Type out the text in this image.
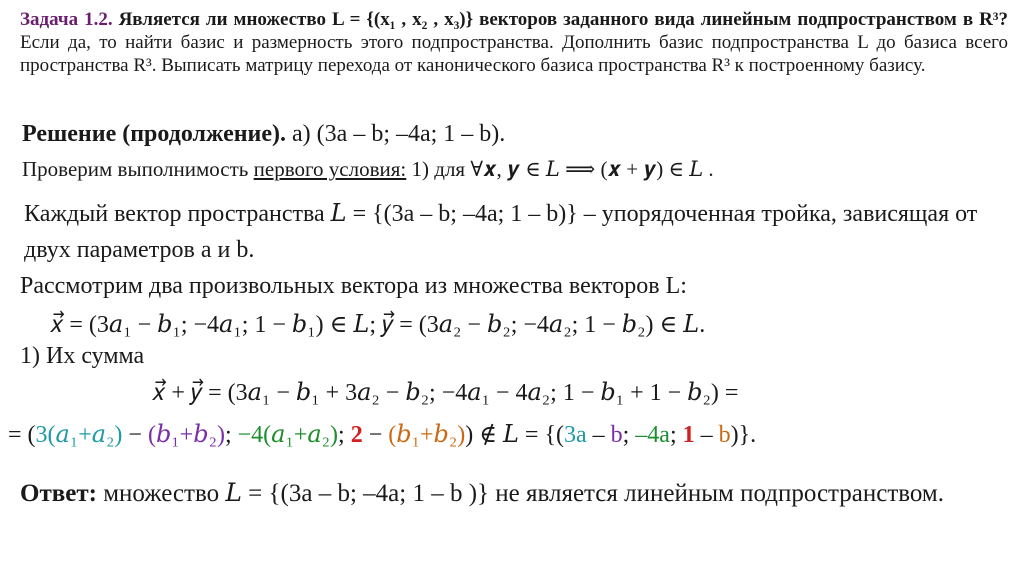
Задача 1.2. Является ли множество L = {(x₁ , x₂ , x₃)} векторов заданного вида линейным подпространством в R³? Если да, то найти базис и размерность этого подпространства. Дополнить базис подпространства L до базиса всего пространства R³. Выписать матрицу перехода от канонического базиса пространства R³ к построенному базису.
Решение (продолжение). а) (3a – b; –4a; 1 – b).
Проверим выполнимость первого условия: 1) для ∀𝒙, 𝒚 ∈ 𝐿 ⟹ (𝒙 + 𝒚) ∈ 𝐿 .
Каждый вектор пространства 𝐿 = {(3a – b; –4a; 1 – b)} – упорядоченная тройка, зависящая от двух параметров a и b.
Рассмотрим два произвольных вектора из множества векторов L:
𝑥⃗ = (3𝑎₁ − 𝑏₁; −4𝑎₁; 1 − 𝑏₁) ∈ 𝐿; 𝑦⃗ = (3𝑎₂ − 𝑏₂; −4𝑎₂; 1 − 𝑏₂) ∈ 𝐿.
1) Их сумма
𝑥⃗ + 𝑦⃗ = (3𝑎₁ − 𝑏₁ + 3𝑎₂ − 𝑏₂; −4𝑎₁ − 4𝑎₂; 1 − 𝑏₁ + 1 − 𝑏₂) =
= (3(𝑎₁+𝑎₂) − (𝑏₁+𝑏₂); −4(𝑎₁+𝑎₂); 2 − (𝑏₁+𝑏₂)) ∉ 𝐿 = {(3a – b; –4a; 1 – b)}.
Ответ: множество 𝐿 = {(3a – b; –4a; 1 – b )} не является линейным подпространством.
